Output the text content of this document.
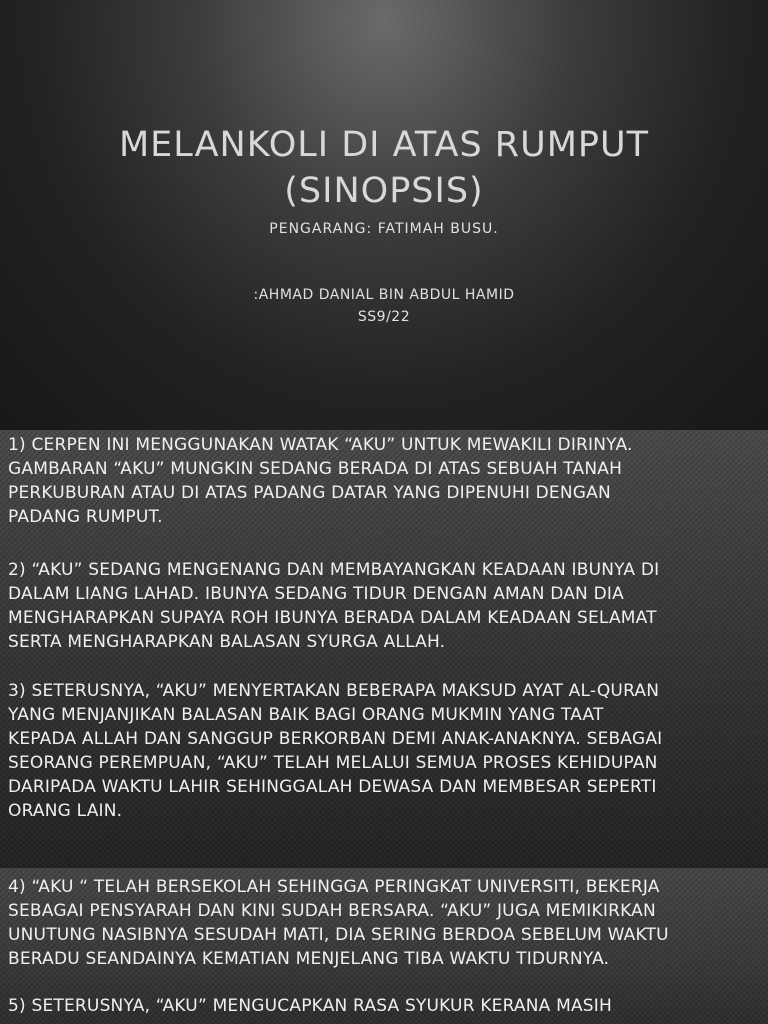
MELANKOLI DI ATAS RUMPUT
(SINOPSIS)
PENGARANG: FATIMAH BUSU.
:AHMAD DANIAL BIN ABDUL HAMID
SS9/22
1) CERPEN INI MENGGUNAKAN WATAK “AKU” UNTUK MEWAKILI DIRINYA.
GAMBARAN “AKU” MUNGKIN SEDANG BERADA DI ATAS SEBUAH TANAH
PERKUBURAN ATAU DI ATAS PADANG DATAR YANG DIPENUHI DENGAN
PADANG RUMPUT.
2) “AKU” SEDANG MENGENANG DAN MEMBAYANGKAN KEADAAN IBUNYA DI
DALAM LIANG LAHAD. IBUNYA SEDANG TIDUR DENGAN AMAN DAN DIA
MENGHARAPKAN SUPAYA ROH IBUNYA BERADA DALAM KEADAAN SELAMAT
SERTA MENGHARAPKAN BALASAN SYURGA ALLAH.
3) SETERUSNYA, “AKU” MENYERTAKAN BEBERAPA MAKSUD AYAT AL-QURAN
YANG MENJANJIKAN BALASAN BAIK BAGI ORANG MUKMIN YANG TAAT
KEPADA ALLAH DAN SANGGUP BERKORBAN DEMI ANAK-ANAKNYA. SEBAGAI
SEORANG PEREMPUAN, “AKU” TELAH MELALUI SEMUA PROSES KEHIDUPAN
DARIPADA WAKTU LAHIR SEHINGGALAH DEWASA DAN MEMBESAR SEPERTI
ORANG LAIN.
4) “AKU “ TELAH BERSEKOLAH SEHINGGA PERINGKAT UNIVERSITI, BEKERJA
SEBAGAI PENSYARAH DAN KINI SUDAH BERSARA. “AKU” JUGA MEMIKIRKAN
UNUTUNG NASIBNYA SESUDAH MATI, DIA SERING BERDOA SEBELUM WAKTU
BERADU SEANDAINYA KEMATIAN MENJELANG TIBA WAKTU TIDURNYA.
5) SETERUSNYA, “AKU” MENGUCAPKAN RASA SYUKUR KERANA MASIH
